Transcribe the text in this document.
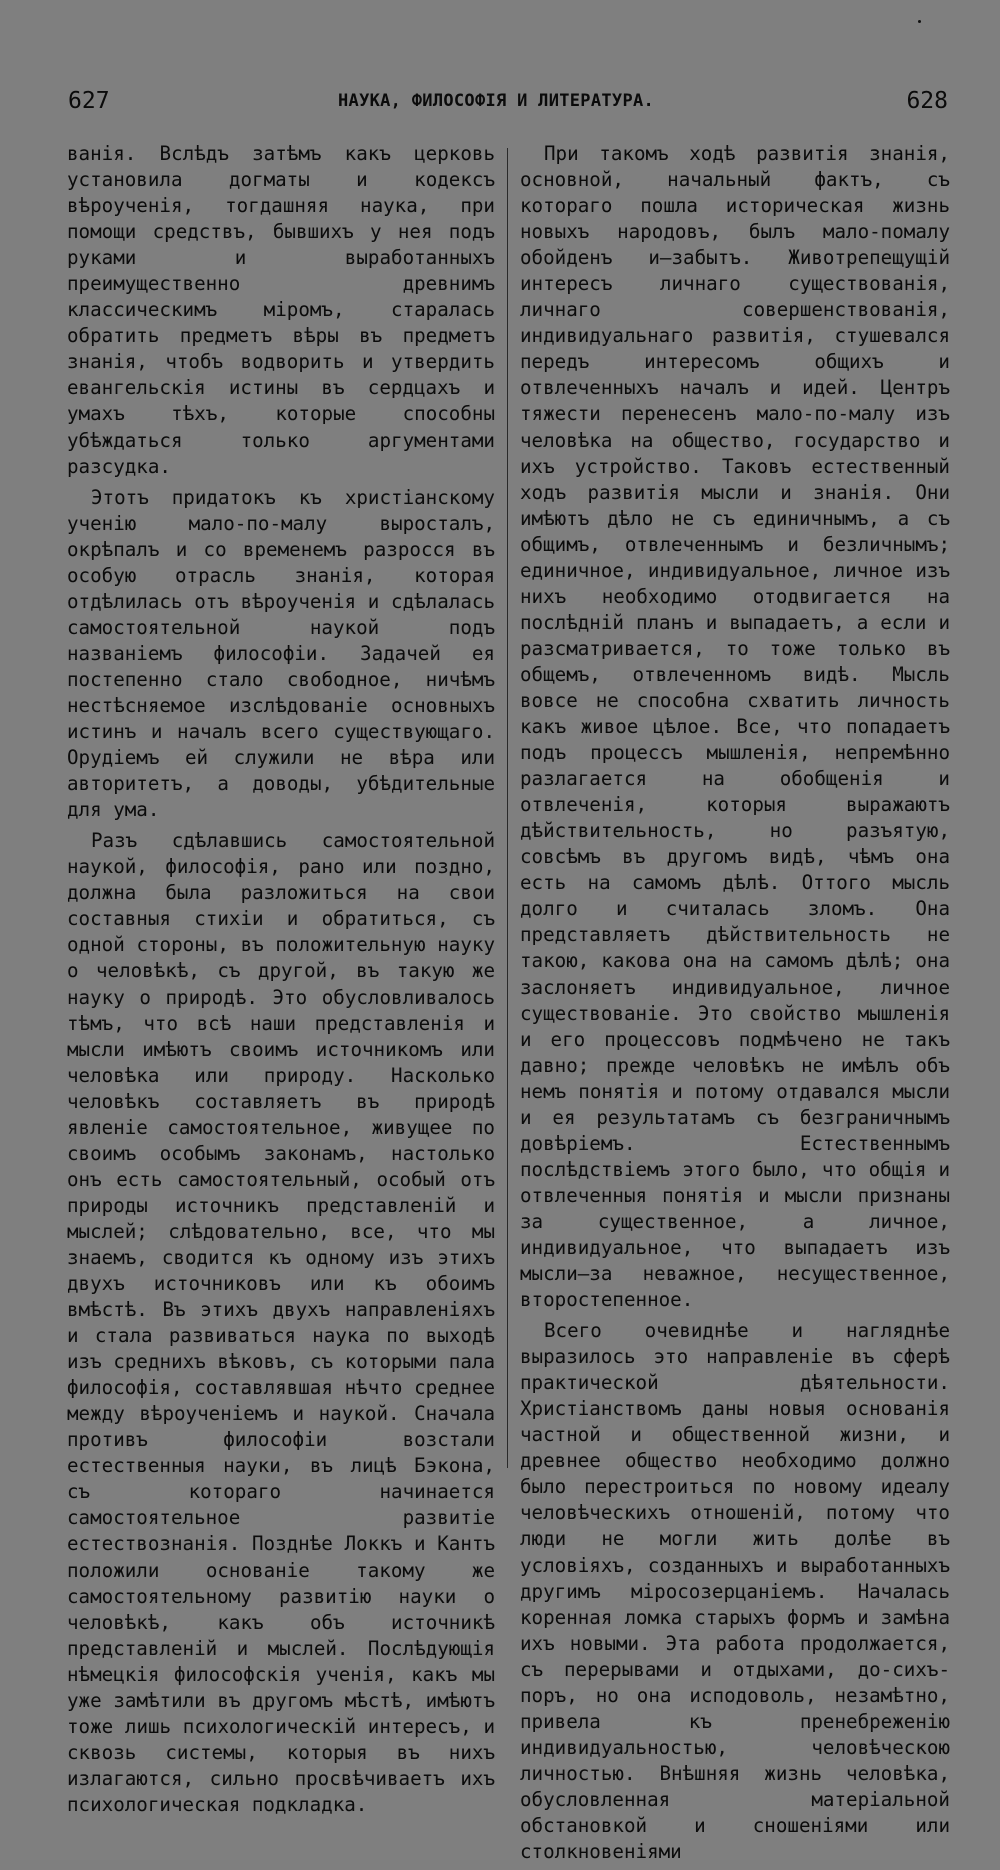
627	НАУКА, ФИЛОСОФІЯ И ЛИТЕРАТУРА.	628

ванія. Вслѣдъ затѣмъ какъ церковь установила догматы и кодексъ вѣроученія, тогдашняя наука, при помощи средствъ, бывшихъ у нея подъ руками и выработанныхъ преимущественно древнимъ классическимъ міромъ, старалась обратить предметъ вѣры въ предметъ знанія, чтобъ водворить и утвердить евангельскія истины въ сердцахъ и умахъ тѣхъ, которые способны убѣждаться только аргументами разсудка.

Этотъ придатокъ къ христіанскому ученію мало-по-малу выросталъ, окрѣпалъ и со временемъ разросся въ особую отрасль знанія, которая отдѣлилась отъ вѣроученія и сдѣлалась самостоятельной наукой подъ названіемъ философіи. Задачей ея постепенно стало свободное, ничѣмъ нестѣсняемое изслѣдованіе основныхъ истинъ и началъ всего существующаго. Орудіемъ ей служили не вѣра или авторитетъ, а доводы, убѣдительные для ума.

Разъ сдѣлавшись самостоятельной наукой, философія, рано или поздно, должна была разложиться на свои составныя стихіи и обратиться, съ одной стороны, въ положительную науку о человѣкѣ, съ другой, въ такую же науку о природѣ. Это обусловливалось тѣмъ, что всѣ наши представленія и мысли имѣютъ своимъ источникомъ или человѣка или природу. Насколько человѣкъ составляетъ въ природѣ явленіе самостоятельное, живущее по своимъ особымъ законамъ, настолько онъ есть самостоятельный, особый отъ природы источникъ представленій и мыслей; слѣдовательно, все, что мы знаемъ, сводится къ одному изъ этихъ двухъ источниковъ или къ обоимъ вмѣстѣ. Въ этихъ двухъ направленіяхъ и стала развиваться наука по выходѣ изъ среднихъ вѣковъ, съ которыми пала философія, составлявшая нѣчто среднее между вѣроученіемъ и наукой. Сначала противъ философіи возстали естественныя науки, въ лицѣ Бэкона, съ котораго начинается самостоятельное развитіе естествознанія. Позднѣе Локкъ и Кантъ положили основаніе такому же самостоятельному развитію науки о человѣкѣ, какъ объ источникѣ представленій и мыслей. Послѣдующія нѣмецкія философскія ученія, какъ мы уже замѣтили въ другомъ мѣстѣ, имѣютъ тоже лишь психологическій интересъ, и сквозь системы, которыя въ нихъ излагаются, сильно просвѣчиваетъ ихъ психологическая подкладка.

При такомъ ходѣ развитія знанія, основной, начальный фактъ, съ котораго пошла историческая жизнь новыхъ народовъ, былъ мало-помалу обойденъ и—забытъ. Животрепещущій интересъ личнаго существованія, личнаго совершенствованія, индивидуальнаго развитія, стушевался передъ интересомъ общихъ и отвлеченныхъ началъ и идей. Центръ тяжести перенесенъ мало-по-малу изъ человѣка на общество, государство и ихъ устройство. Таковъ естественный ходъ развитія мысли и знанія. Они имѣютъ дѣло не съ единичнымъ, а съ общимъ, отвлеченнымъ и безличнымъ; единичное, индивидуальное, личное изъ нихъ необходимо отодвигается на послѣдній планъ и выпадаетъ, а если и разсматривается, то тоже только въ общемъ, отвлеченномъ видѣ. Мысль вовсе не способна схватить личность какъ живое цѣлое. Все, что попадаетъ подъ процессъ мышленія, непремѣнно разлагается на обобщенія и отвлеченія, которыя выражаютъ дѣйствительность, но разъятую, совсѣмъ въ другомъ видѣ, чѣмъ она есть на самомъ дѣлѣ. Оттого мысль долго и считалась зломъ. Она представляетъ дѣйствительность не такою, какова она на самомъ дѣлѣ; она заслоняетъ индивидуальное, личное существованіе. Это свойство мышленія и его процессовъ подмѣчено не такъ давно; прежде человѣкъ не имѣлъ объ немъ понятія и потому отдавался мысли и ея результатамъ съ безграничнымъ довѣріемъ. Естественнымъ послѣдствіемъ этого было, что общія и отвлеченныя понятія и мысли признаны за существенное, а личное, индивидуальное, что выпадаетъ изъ мысли—за неважное, несущественное, второстепенное.

Всего очевиднѣе и нагляднѣе выразилось это направленіе въ сферѣ практической дѣятельности. Христіанствомъ даны новыя основанія частной и общественной жизни, и древнее общество необходимо должно было перестроиться по новому идеалу человѣческихъ отношеній, потому что люди не могли жить долѣе въ условіяхъ, созданныхъ и выработанныхъ другимъ міросозерцаніемъ. Началась коренная ломка старыхъ формъ и замѣна ихъ новыми. Эта работа продолжается, съ перерывами и отдыхами, до-сихъ-поръ, но она исподоволь, незамѣтно, привела къ пренебреженію индивидуальностью, человѣческою личностью. Внѣшняя жизнь человѣка, обусловленная матеріальной обстановкой и сношеніями или столкновеніями
